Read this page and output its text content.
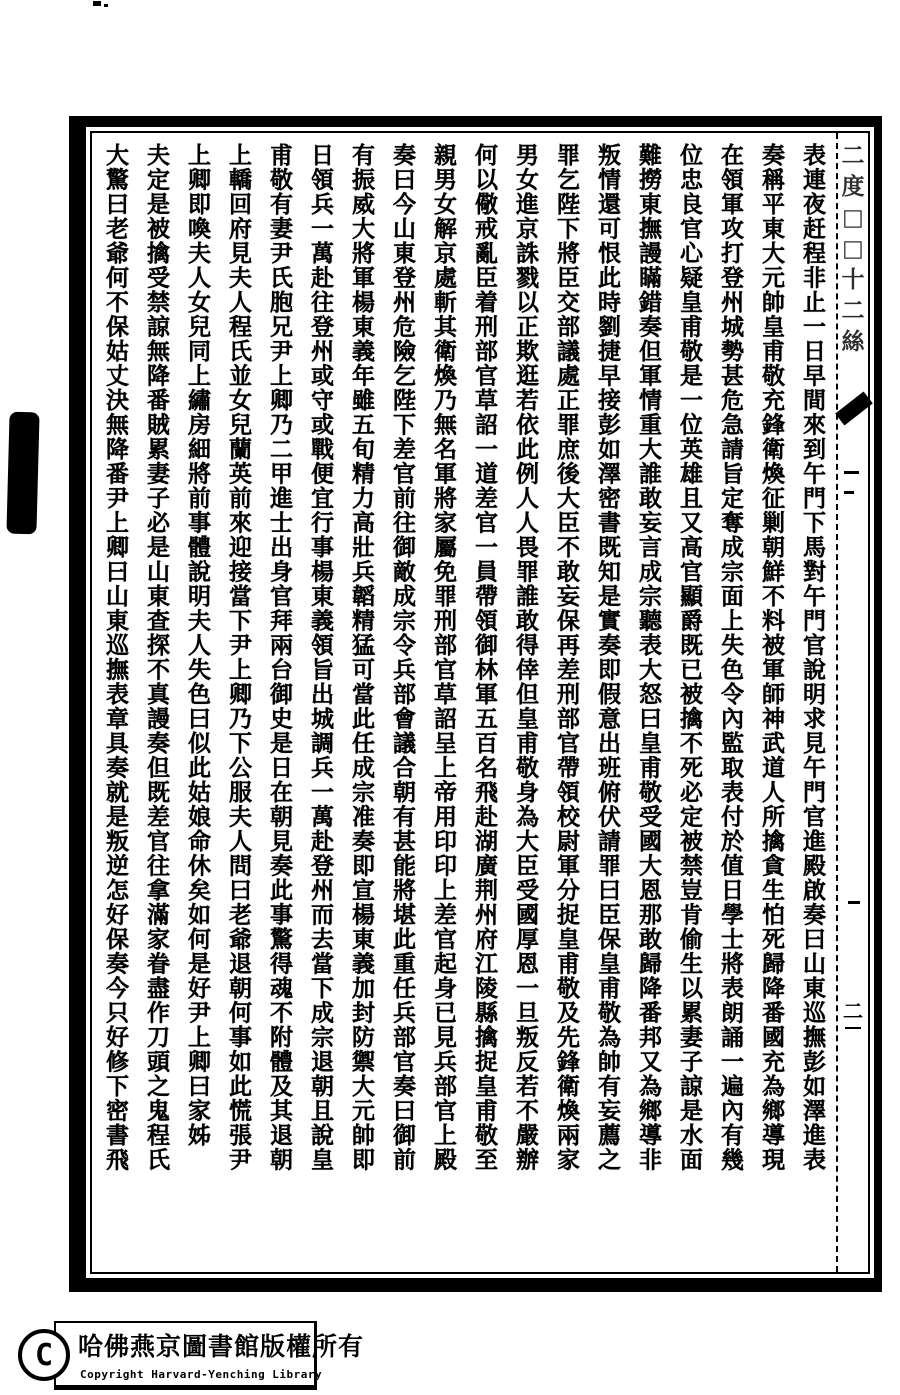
二
度
□
□
十
二
絲
二
表連夜赶程非止一日早間來到午門下馬對午門官說明求見午門官進殿啟奏曰山東巡撫彭如澤進表
奏稱平東大元帥皇甫敬充鋒衛煥征剿朝鮮不料被軍師神武道人所擒貪生怕死歸降番國充為鄉導現
在領軍攻打登州城勢甚危急請旨定奪成宗面上失色令內監取表付於值日學士將表朗誦一遍內有幾
位忠良官心疑皇甫敬是一位英雄且又高官顯爵既已被擒不死必定被禁豈肯偷生以累妻子諒是水面
難撈東撫謾瞞錯奏但軍情重大誰敢妄言成宗聽表大怒曰皇甫敬受國大恩那敢歸降番邦又為鄉導非
叛情還可恨此時劉捷早接彭如澤密書既知是實奏即假意出班俯伏請罪曰臣保皇甫敬為帥有妄薦之
罪乞陛下將臣交部議處正罪庶後大臣不敢妄保再差刑部官帶領校尉軍分捉皇甫敬及先鋒衛煥兩家
男女進京誅戮以正欺逛若依此例人人畏罪誰敢得倖但皇甫敬身為大臣受國厚恩一旦叛反若不嚴辦
何以儆戒亂臣着刑部官草詔一道差官一員帶領御林軍五百名飛赴湖廣荆州府江陵縣擒捉皇甫敬至
親男女解京處斬其衛煥乃無名軍將家屬免罪刑部官草詔呈上帝用印印上差官起身已見兵部官上殿
奏曰今山東登州危險乞陛下差官前往御敵成宗令兵部會議合朝有甚能將堪此重任兵部官奏曰御前
有振威大將軍楊東義年雖五旬精力高壯兵韜精猛可當此任成宗准奏即宣楊東義加封防禦大元帥即
日領兵一萬赴往登州或守或戰便宜行事楊東義領旨出城調兵一萬赴登州而去當下成宗退朝且說皇
甫敬有妻尹氏胞兄尹上卿乃二甲進士出身官拜兩台御史是日在朝見奏此事驚得魂不附體及其退朝
上轎回府見夫人程氏並女兒蘭英前來迎接當下尹上卿乃下公服夫人問曰老爺退朝何事如此慌張尹
上卿即喚夫人女兒同上繡房細將前事體說明夫人失色曰似此姑娘命休矣如何是好尹上卿曰家姊
夫定是被擒受禁諒無降番賊累妻子必是山東查探不真謾奏但既差官往拿滿家眷盡作刀頭之鬼程氏
大驚曰老爺何不保姑丈決無降番尹上卿曰山東巡撫表章具奏就是叛逆怎好保奏今只好修下密書飛
C 哈佛燕京圖書館版權所有
Copyright Harvard-Yenching Library
